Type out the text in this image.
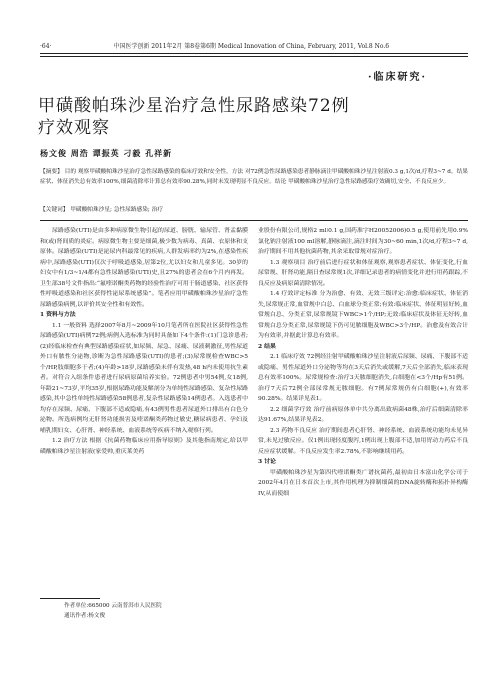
·64·	中国医学创新 2011年2月 第8卷第6期 Medical Innovation of China, February, 2011, Vol.8 No.6
·临床研究·
甲磺酸帕珠沙星治疗急性尿路感染72例
疗效观察
杨文俊 周浩 谭振英 刁毅 孔祥新
【摘要】 目的 观察甲磺酸帕珠沙星治疗急性尿路感染的临床疗效和安全性。方法 对72例急性尿路感染患者静脉滴注甲磺酸帕珠沙星注射液0.3 g,1次/d,疗程3~7 d。结果 症状、体征消失总有效率100%,细菌清除率计算总有效率90.28%,同时未发现明显不良反应。结论 甲磺酸帕珠沙星治疗急性尿路感染疗效确切,安全、不良反应少。
【关键词】 甲磺酸帕珠沙星; 急性尿路感染; 治疗

尿路感染(UTI)是由多种病原微生物引起的尿道、膀胱、输尿管、肾盂黏膜和(或)肾间质的炎症。病原微生物主要是细菌,极少数为病毒、真菌、衣原体和支原体。尿路感染(UTI)是泌尿内科最常见的疾病,人群发病率约为2%,在感染性疾病中,尿路感染(UTI)仅次于呼吸道感染,居第2位,尤以妇女和儿童多见。30岁的妇女中有1/3~1/4都有急性尿路感染(UTI)史,且27%的患者会在6个月内再发。卫生部38号文件指出:“氟喹诺酮类药物的经验性治疗可用于肠道感染、社区获得性呼吸道感染和社区获得性泌尿系统感染”。笔者应用甲磺酸帕珠沙星治疗急性尿路感染病例,以评价其安全性和有效性。

1 资料与方法

1.1 一般资料 选择2007年8月~2009年10月笔者所在医院社区获得性急性尿路感染(UTI)病例72例;病例入选标准为同时具备如下4个条件:(1)门急诊患者;(2)经临床检查有典型尿路感染症状,如尿频、尿急、尿痛、尿液刺激征,男性尿道外口有脓性分泌物,诊断为急性尿路感染(UTI)的患者;(3)尿常规检查WBC>5个/HP,肢细胞多于者;(4)年龄>18岁,尿路感染未伴有发热,48 h内未使用抗生素者。对符合入组条件患者进行尿病原菌培养实验。72例患者中男54例,女18例,年龄21~73岁,平均35岁,根据尿路功能及解剖分为单纯性尿路感染、复杂性尿路感染,其中急性单纯性尿路感染58例患者,复杂性尿路感染14例患者。入选患者中均存在尿频、尿痛、下腹部不适或隐痛,有43例男性患者尿道外口排出有白色分泌物。所选病例均无肝肾功能损害及喹诺酮类药物过敏史,糖尿病患者、孕妇及哺乳期妇女、心肝肾、神经系统、血液系统等疾病不纳入观察行列。

1.2 治疗方法 根据《抗菌药物临床应用指导原则》及其他指南规定,给以甲磺酸帕珠沙星注射液(家爱帅,重庆莱美药

作者单位:665000 云南普洱市人民医院
通讯作者:杨文俊

业股份有限公司,规格2 ml∶0.1 g,国药准字H20052006)0.5 g,使用前先用0.9%氯化钠注射液100 ml溶解,静脉滴注,滴注时间为30~60 min,1次/d,疗程3~7 d,治疗期间不用其他抗菌药物,其余采取常规对症治疗。

1.3 观察项目 治疗前后进行症状和体征观察,观察患者症状、体征变化,行血尿常规、肝肾功能,隔日查尿常规1次,详细记录患者的病情变化并进行用药跟踪,不良反应及病原菌清除情况。

1.4 疗效评定标准 分为治愈、有效、无效三级评定:治愈:临床症状、体征消失,尿常规正常,血常规中白总、白血球分类正常;有效:临床症状、体征明显好转,血常规白总、分类正常,尿常规镜下WBC>1个/HP;无效:临床症状及体征无好转,血常规白总分类正常,尿常规镜下仍可见脓细胞及WBC>3个/HP。治愈及有效合计为有效率,并据此计算总有效率。

2 结果

2.1 临床疗效 72例经注射甲磺酸帕珠沙星注射液后尿频、尿痛、下腹部不适或隐痛、男性尿道外口分泌物等均在3天后消失或缓解,7天后全部消失,临床表现总有效率100%。尿常规检查:治疗3天脓细胞消失,白细胞在<3个/Hp有51例。治疗7天后72例全部尿常规无脓细胞。有7例尿常规仍有白细胞(+),有效率90.28%。结果详见表1。

2.2 细菌学疗效 治疗前病原体单中共分离出致病菌48株,治疗后细菌清除率达91.67%,结果详见表2。

2.3 药物不良反应 治疗期间患者心肝肾、神经系统、血液系统功能均未见异常,未见过敏反应。仅1例出现轻度腹泻,1例出现上腹部不适,加用胃动力药后不良反应症状缓解。不良反应发生率2.78%,不影响继续用药。

3 讨论

甲磺酸帕珠沙星为第四代喹诺酮类广谱抗菌药,最初由日本富山化学公司于2002年4月在日本首次上市,其作用机理为抑制细菌的DNA旋转酶和拓扑异构酶IV,从而使细
